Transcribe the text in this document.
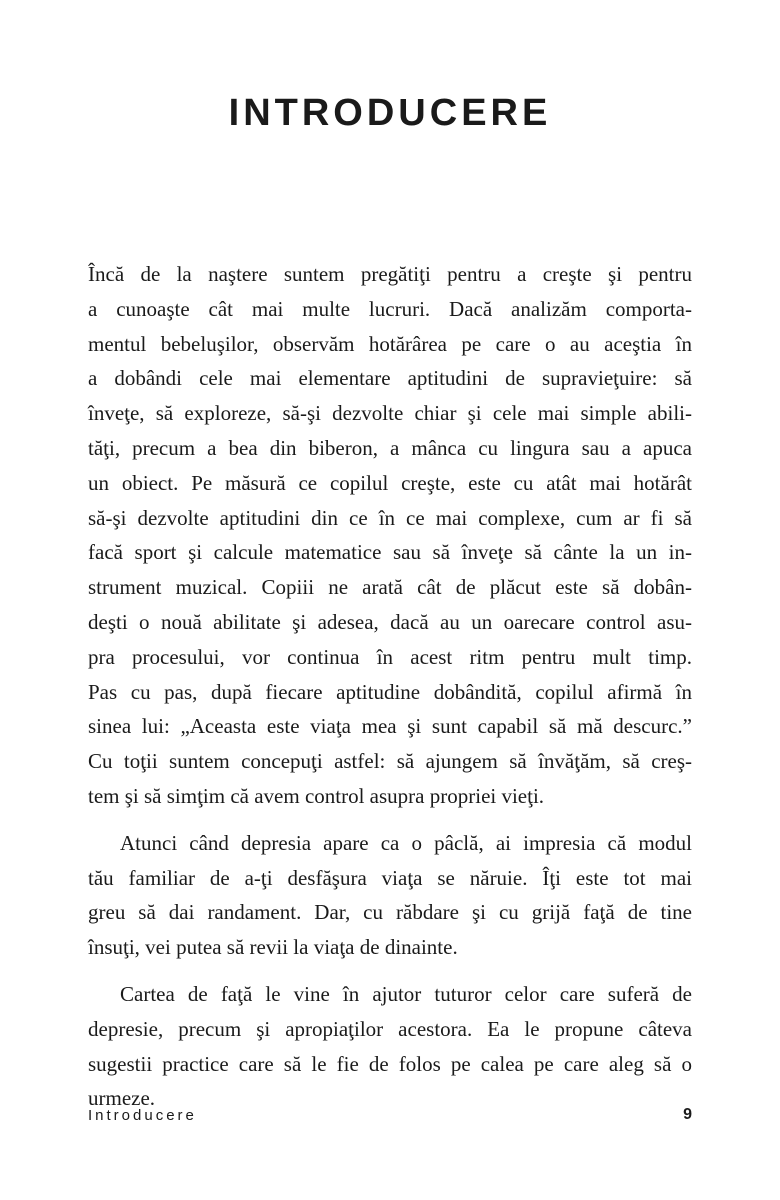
INTRODUCERE
Încă de la naştere suntem pregătiţi pentru a creşte şi pentru
a cunoaşte cât mai multe lucruri. Dacă analizăm comporta-
mentul bebeluşilor, observăm hotărârea pe care o au aceştia în
a dobândi cele mai elementare aptitudini de supravieţuire: să
înveţe, să exploreze, să-şi dezvolte chiar şi cele mai simple abili-
tăţi, precum a bea din biberon, a mânca cu lingura sau a apuca
un obiect. Pe măsură ce copilul creşte, este cu atât mai hotărât
să-şi dezvolte aptitudini din ce în ce mai complexe, cum ar fi să
facă sport şi calcule matematice sau să înveţe să cânte la un in-
strument muzical. Copiii ne arată cât de plăcut este să dobân-
deşti o nouă abilitate şi adesea, dacă au un oarecare control asu-
pra procesului, vor continua în acest ritm pentru mult timp.
Pas cu pas, după fiecare aptitudine dobândită, copilul afirmă în
sinea lui: „Aceasta este viaţa mea şi sunt capabil să mă descurc.”
Cu toţii suntem concepuţi astfel: să ajungem să învăţăm, să creş-
tem şi să simţim că avem control asupra propriei vieţi.
Atunci când depresia apare ca o pâclă, ai impresia că modul
tău familiar de a-ţi desfăşura viaţa se năruie. Îţi este tot mai
greu să dai randament. Dar, cu răbdare şi cu grijă faţă de tine
însuţi, vei putea să revii la viaţa de dinainte.
Cartea de faţă le vine în ajutor tuturor celor care suferă de
depresie, precum şi apropiaţilor acestora. Ea le propune câteva
sugestii practice care să le fie de folos pe calea pe care aleg să o
urmeze.
Introducere	9
